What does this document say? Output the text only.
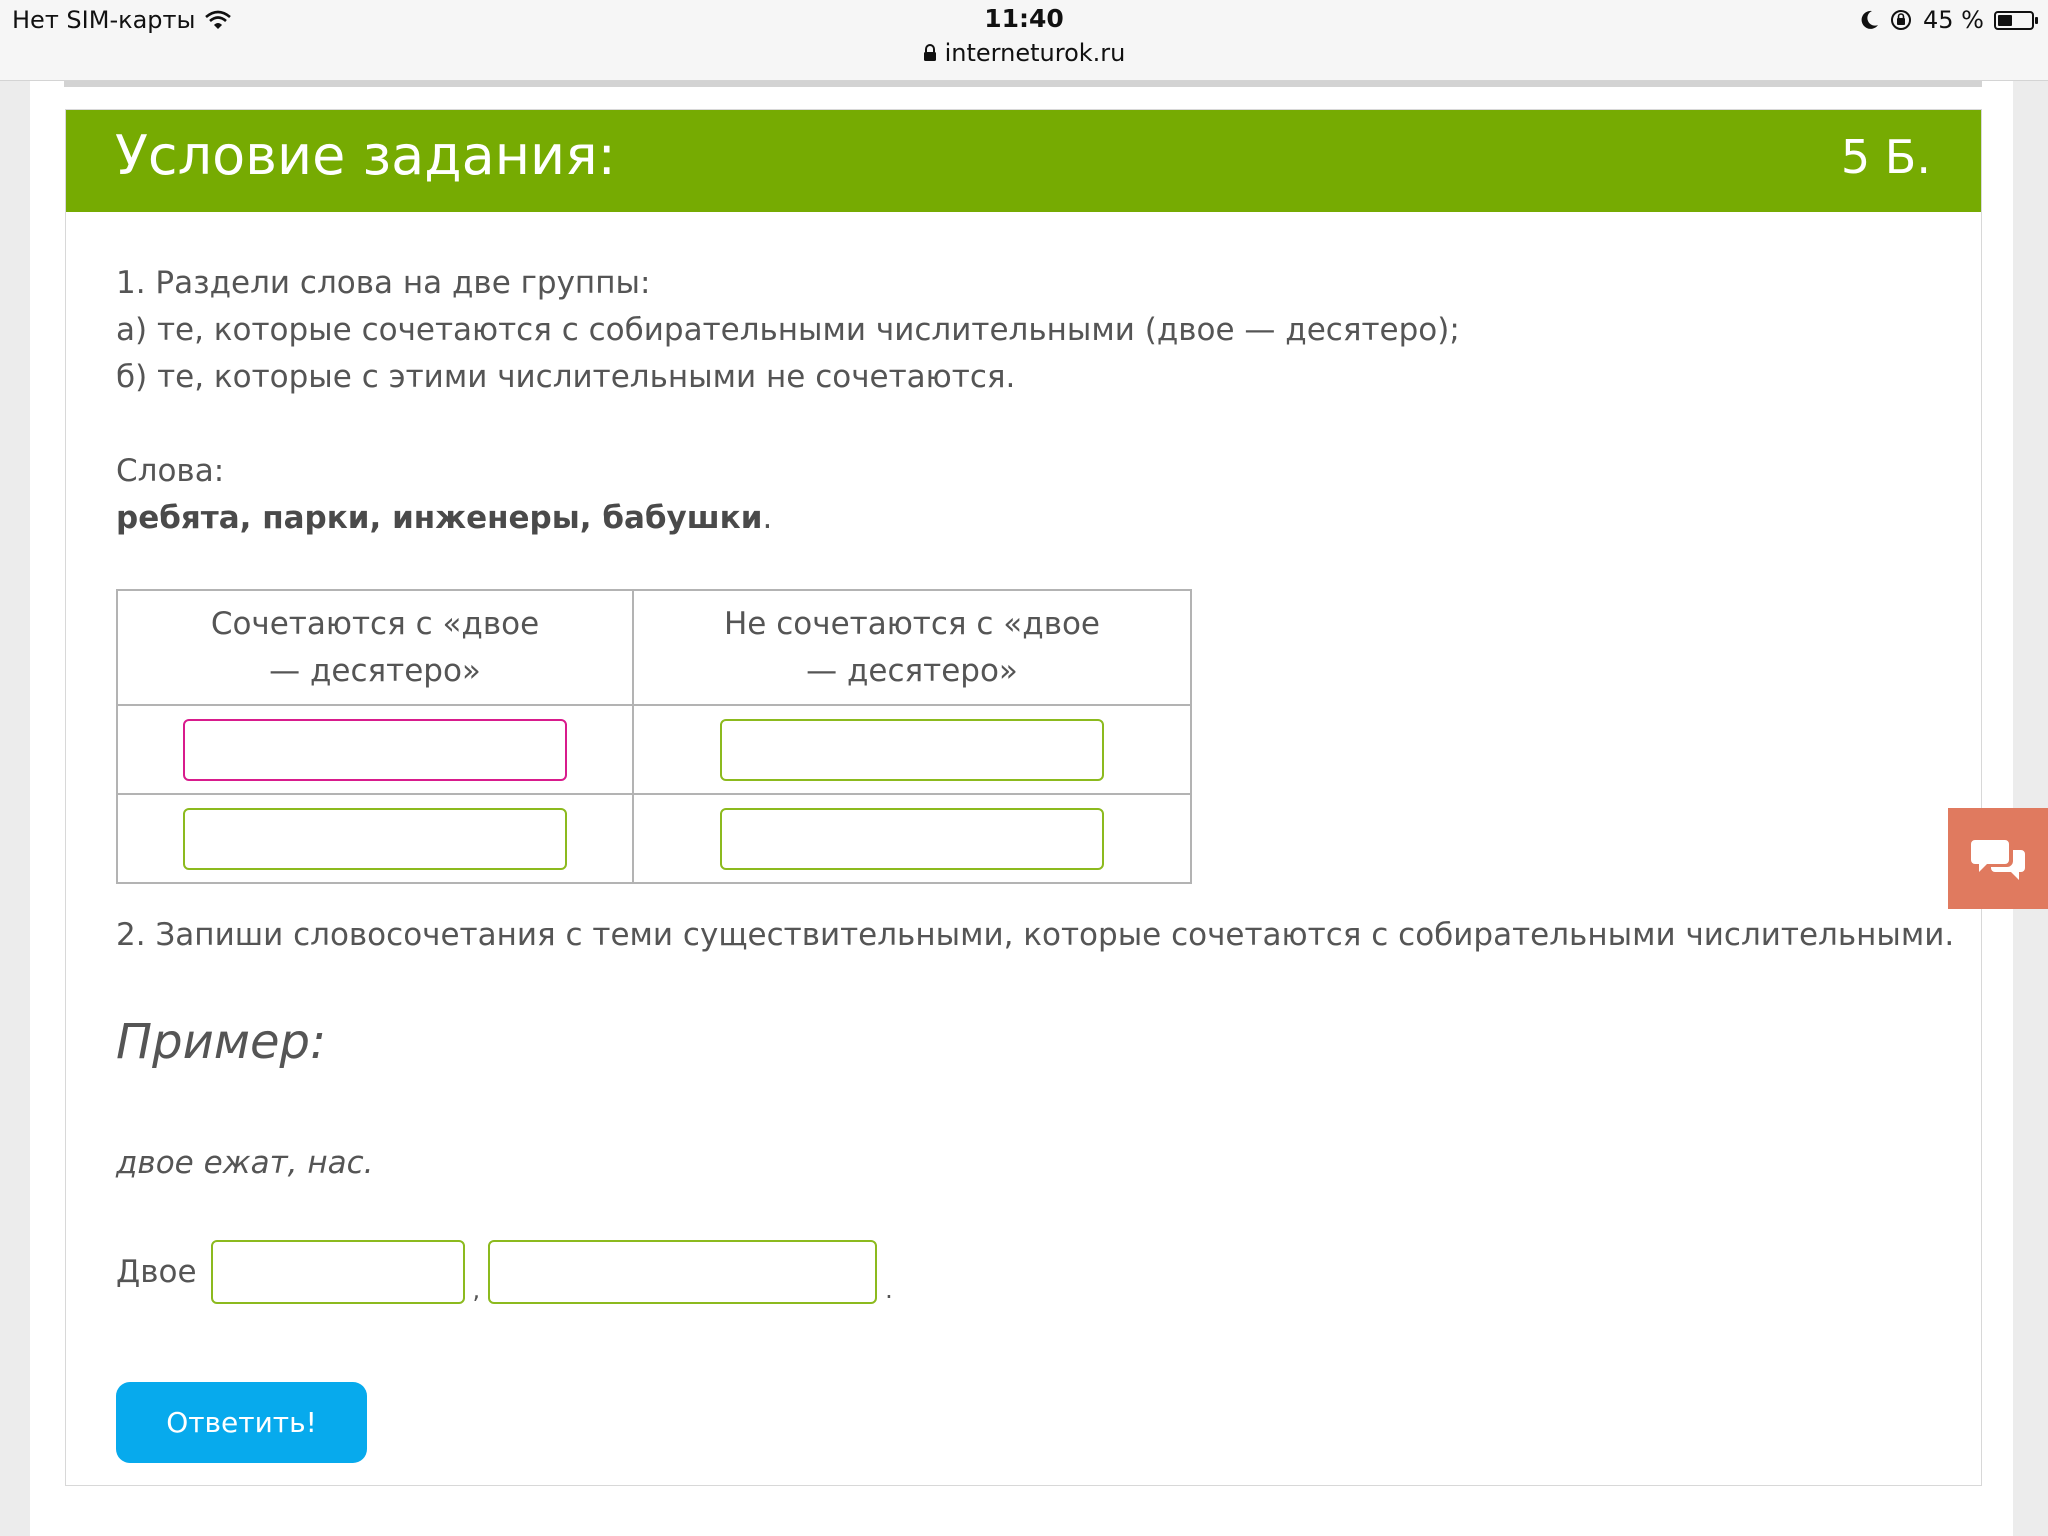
Нет SIM-карты	11:40
interneturok.ru
45 %
Условие задания:	5 Б.

1. Раздели слова на две группы:

а) те, которые сочетаются с собирательными числительными (двое — десятеро);

б) те, которые с этими числительными не сочетаются.

Слова:

ребята, парки, инженеры, бабушки.

Сочетаются с «двое — десятеро»	Не сочетаются с «двое — десятеро»

2. Запиши словосочетания с теми существительными, которые сочетаются с собирательными числительными.
Пример:
двое ежат, нас.
Двое	,	.
Ответить!
